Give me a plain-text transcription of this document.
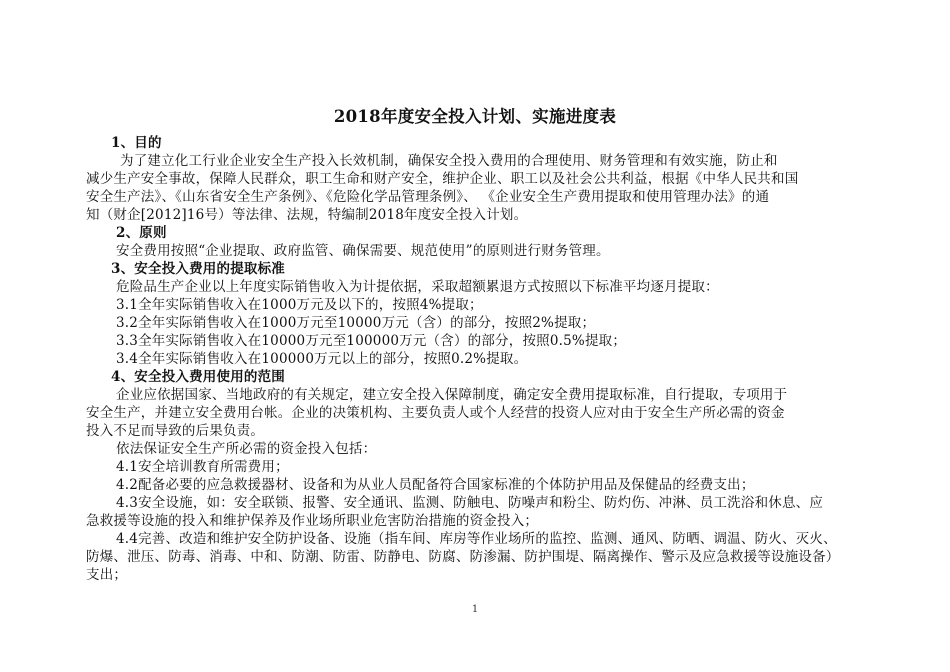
2018年度安全投入计划、实施进度表
1、目的
为了建立化工行业企业安全生产投入长效机制，确保安全投入费用的合理使用、财务管理和有效实施，防止和
减少生产安全事故，保障人民群众，职工生命和财产安全，维护企业、职工以及社会公共利益，根据《中华人民共和国
安全生产法》、《山东省安全生产条例》、《危险化学品管理条例》、 《企业安全生产费用提取和使用管理办法》的通
知（财企[2012]16号）等法律、法规，特编制2018年度安全投入计划。
2、原则
安全费用按照“企业提取、政府监管、确保需要、规范使用”的原则进行财务管理。
3、安全投入费用的提取标准
危险品生产企业以上年度实际销售收入为计提依据，采取超额累退方式按照以下标准平均逐月提取：
3.1全年实际销售收入在1000万元及以下的，按照4%提取；
3.2全年实际销售收入在1000万元至10000万元（含）的部分，按照2%提取；
3.3全年实际销售收入在10000万元至100000万元（含）的部分，按照0.5%提取；
3.4全年实际销售收入在100000万元以上的部分，按照0.2%提取。
4、安全投入费用使用的范围
企业应依据国家、当地政府的有关规定，建立安全投入保障制度，确定安全费用提取标准，自行提取，专项用于
安全生产，并建立安全费用台帐。企业的决策机构、主要负责人或个人经营的投资人应对由于安全生产所必需的资金
投入不足而导致的后果负责。
依法保证安全生产所必需的资金投入包括：
4.1安全培训教育所需费用；
4.2配备必要的应急救援器材、设备和为从业人员配备符合国家标准的个体防护用品及保健品的经费支出；
4.3安全设施，如：安全联锁、报警、安全通讯、监测、防触电、防噪声和粉尘、防灼伤、冲淋、员工洗浴和休息、应
急救援等设施的投入和维护保养及作业场所职业危害防治措施的资金投入；
4.4完善、改造和维护安全防护设备、设施（指车间、库房等作业场所的监控、监测、通风、防晒、调温、防火、灭火、
防爆、泄压、防毒、消毒、中和、防潮、防雷、防静电、防腐、防渗漏、防护围堤、隔离操作、警示及应急救援等设施设备）
支出；
1
